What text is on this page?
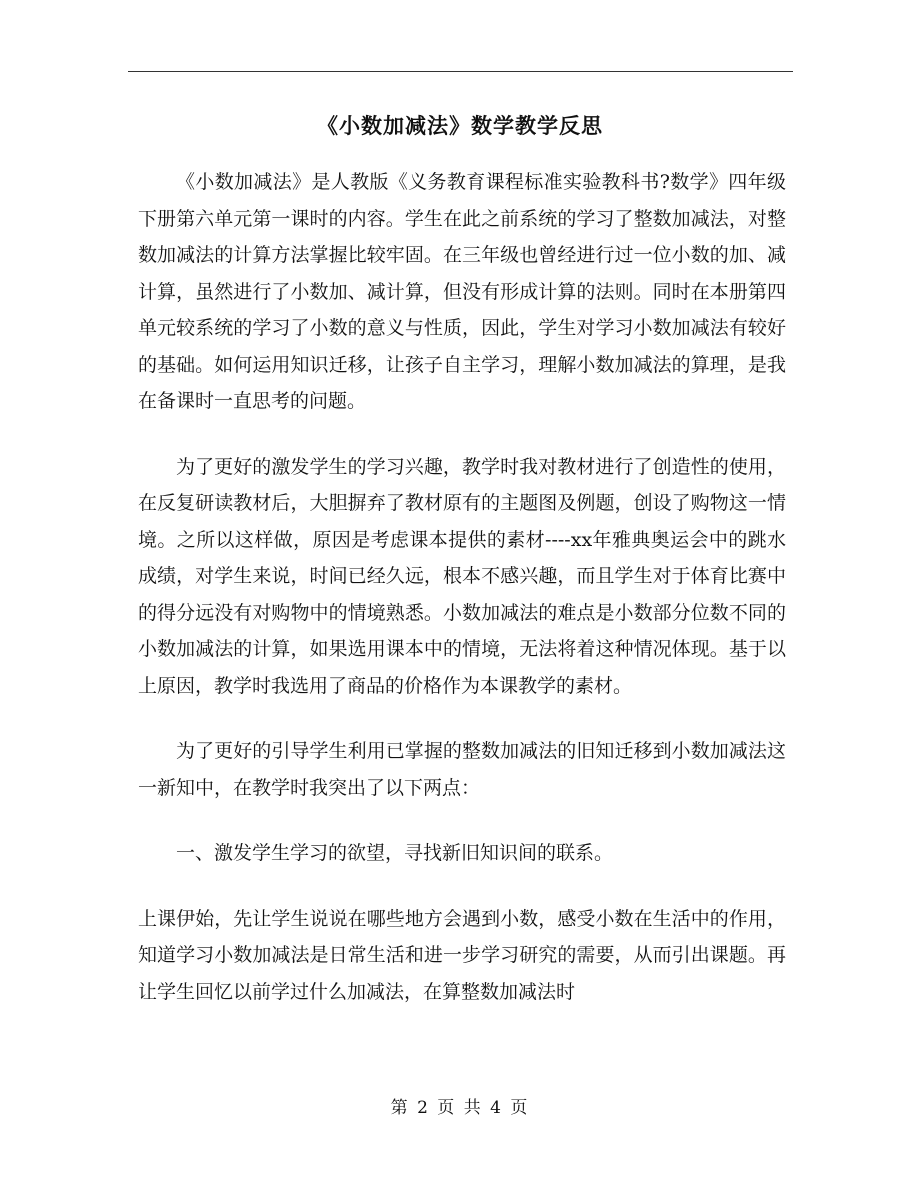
《小数加减法》数学教学反思

《小数加减法》是人教版《义务教育课程标准实验教科书?数学》四年级下册第六单元第一课时的内容。学生在此之前系统的学习了整数加减法，对整数加减法的计算方法掌握比较牢固。在三年级也曾经进行过一位小数的加、减计算，虽然进行了小数加、减计算，但没有形成计算的法则。同时在本册第四单元较系统的学习了小数的意义与性质，因此，学生对学习小数加减法有较好的基础。如何运用知识迁移，让孩子自主学习，理解小数加减法的算理，是我在备课时一直思考的问题。

为了更好的激发学生的学习兴趣，教学时我对教材进行了创造性的使用，在反复研读教材后，大胆摒弃了教材原有的主题图及例题，创设了购物这一情境。之所以这样做，原因是考虑课本提供的素材----xx年雅典奥运会中的跳水成绩，对学生来说，时间已经久远，根本不感兴趣，而且学生对于体育比赛中的得分远没有对购物中的情境熟悉。小数加减法的难点是小数部分位数不同的小数加减法的计算，如果选用课本中的情境，无法将着这种情况体现。基于以上原因，教学时我选用了商品的价格作为本课教学的素材。

为了更好的引导学生利用已掌握的整数加减法的旧知迁移到小数加减法这一新知中，在教学时我突出了以下两点：

一、激发学生学习的欲望，寻找新旧知识间的联系。

上课伊始，先让学生说说在哪些地方会遇到小数，感受小数在生活中的作用，知道学习小数加减法是日常生活和进一步学习研究的需要，从而引出课题。再让学生回忆以前学过什么加减法，在算整数加减法时

第 2 页 共 4 页
